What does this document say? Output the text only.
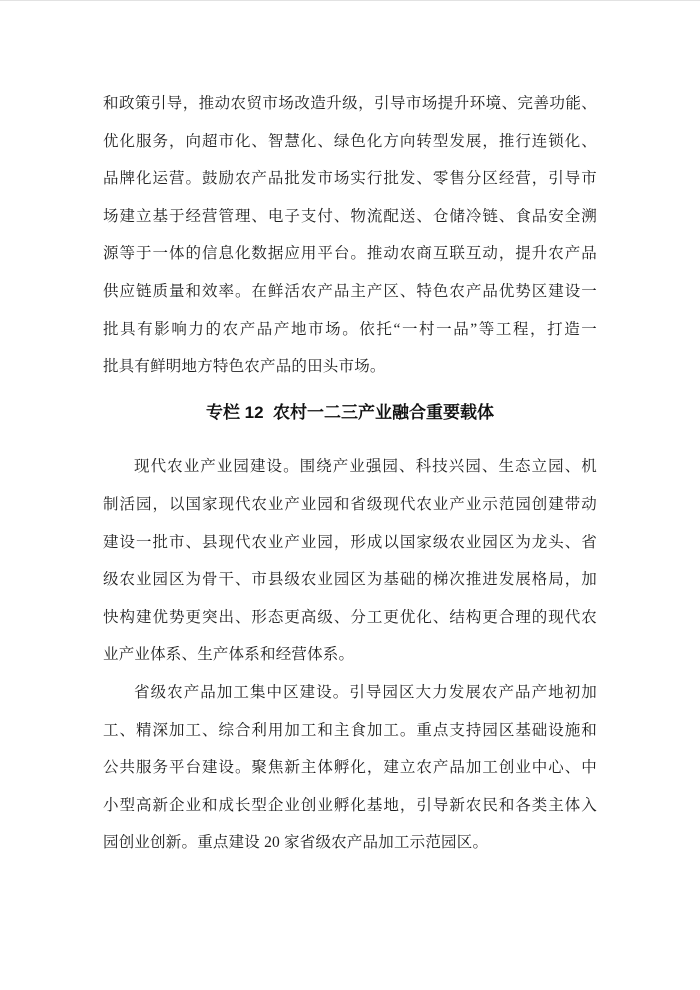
和政策引导，推动农贸市场改造升级，引导市场提升环境、完善功能、
优化服务，向超市化、智慧化、绿色化方向转型发展，推行连锁化、
品牌化运营。鼓励农产品批发市场实行批发、零售分区经营，引导市
场建立基于经营管理、电子支付、物流配送、仓储冷链、食品安全溯
源等于一体的信息化数据应用平台。推动农商互联互动，提升农产品
供应链质量和效率。在鲜活农产品主产区、特色农产品优势区建设一
批具有影响力的农产品产地市场。依托“一村一品”等工程，打造一
批具有鲜明地方特色农产品的田头市场。
专栏 12  农村一二三产业融合重要载体
现代农业产业园建设。围绕产业强园、科技兴园、生态立园、机
制活园，以国家现代农业产业园和省级现代农业产业示范园创建带动
建设一批市、县现代农业产业园，形成以国家级农业园区为龙头、省
级农业园区为骨干、市县级农业园区为基础的梯次推进发展格局，加
快构建优势更突出、形态更高级、分工更优化、结构更合理的现代农
业产业体系、生产体系和经营体系。
省级农产品加工集中区建设。引导园区大力发展农产品产地初加
工、精深加工、综合利用加工和主食加工。重点支持园区基础设施和
公共服务平台建设。聚焦新主体孵化，建立农产品加工创业中心、中
小型高新企业和成长型企业创业孵化基地，引导新农民和各类主体入
园创业创新。重点建设 20 家省级农产品加工示范园区。
